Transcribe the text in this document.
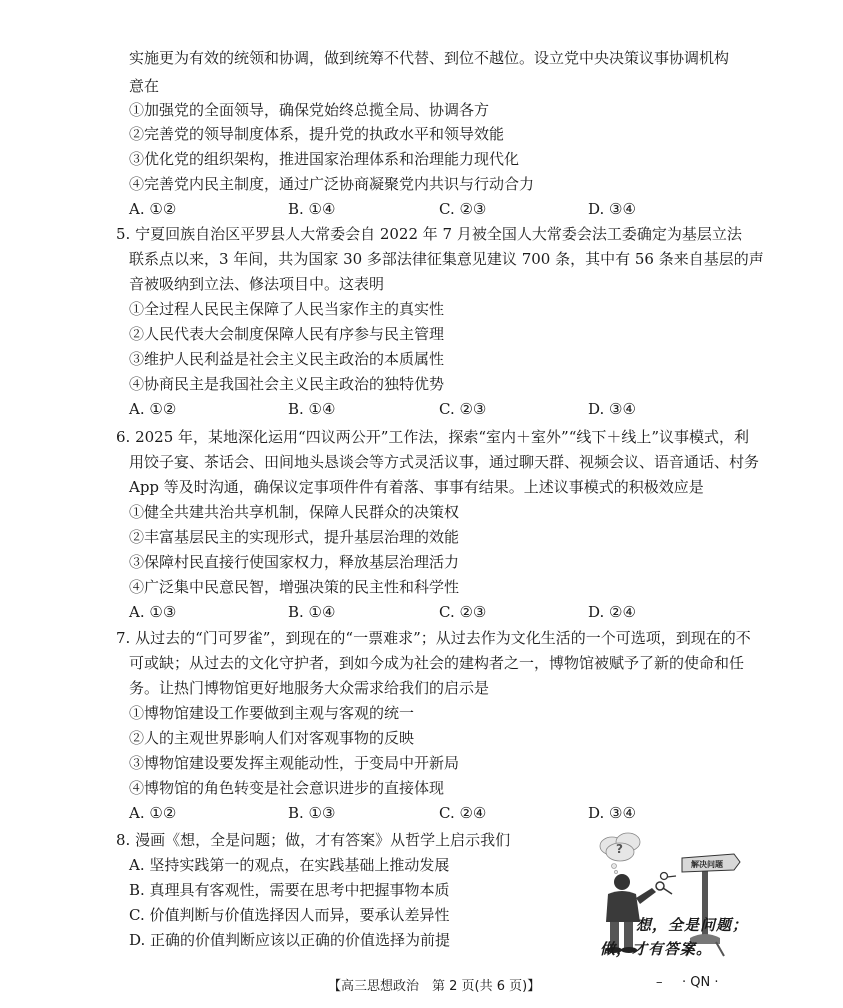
实施更为有效的统领和协调，做到统筹不代替、到位不越位。设立党中央决策议事协调机构
意在
①加强党的全面领导，确保党始终总揽全局、协调各方
②完善党的领导制度体系，提升党的执政水平和领导效能
③优化党的组织架构，推进国家治理体系和治理能力现代化
④完善党内民主制度，通过广泛协商凝聚党内共识与行动合力
A. ①②	B. ①④	C. ②③	D. ③④
5. 宁夏回族自治区平罗县人大常委会自 2022 年 7 月被全国人大常委会法工委确定为基层立法
联系点以来，3 年间，共为国家 30 多部法律征集意见建议 700 条，其中有 56 条来自基层的声
音被吸纳到立法、修法项目中。这表明
①全过程人民民主保障了人民当家作主的真实性
②人民代表大会制度保障人民有序参与民主管理
③维护人民利益是社会主义民主政治的本质属性
④协商民主是我国社会主义民主政治的独特优势
A. ①②	B. ①④	C. ②③	D. ③④
6. 2025 年，某地深化运用“四议两公开”工作法，探索“室内＋室外”“线下＋线上”议事模式，利
用饺子宴、茶话会、田间地头恳谈会等方式灵活议事，通过聊天群、视频会议、语音通话、村务
App 等及时沟通，确保议定事项件件有着落、事事有结果。上述议事模式的积极效应是
①健全共建共治共享机制，保障人民群众的决策权
②丰富基层民主的实现形式，提升基层治理的效能
③保障村民直接行使国家权力，释放基层治理活力
④广泛集中民意民智，增强决策的民主性和科学性
A. ①③	B. ①④	C. ②③	D. ②④
7. 从过去的“门可罗雀”，到现在的“一票难求”；从过去作为文化生活的一个可选项，到现在的不
可或缺；从过去的文化守护者，到如今成为社会的建构者之一，博物馆被赋予了新的使命和任
务。让热门博物馆更好地服务大众需求给我们的启示是
①博物馆建设工作要做到主观与客观的统一
②人的主观世界影响人们对客观事物的反映
③博物馆建设要发挥主观能动性，于变局中开新局
④博物馆的角色转变是社会意识进步的直接体现
A. ①②	B. ①③	C. ②④	D. ③④
8. 漫画《想，全是问题；做，才有答案》从哲学上启示我们
A. 坚持实践第一的观点，在实践基础上推动发展
B. 真理具有客观性，需要在思考中把握事物本质
C. 价值判断与价值选择因人而异，要承认差异性
D. 正确的价值判断应该以正确的价值选择为前提
?
解决问题
想，全是问题；
做，才有答案。
【高三思想政治　第 2 页(共 6 页)】	– · QN ·
